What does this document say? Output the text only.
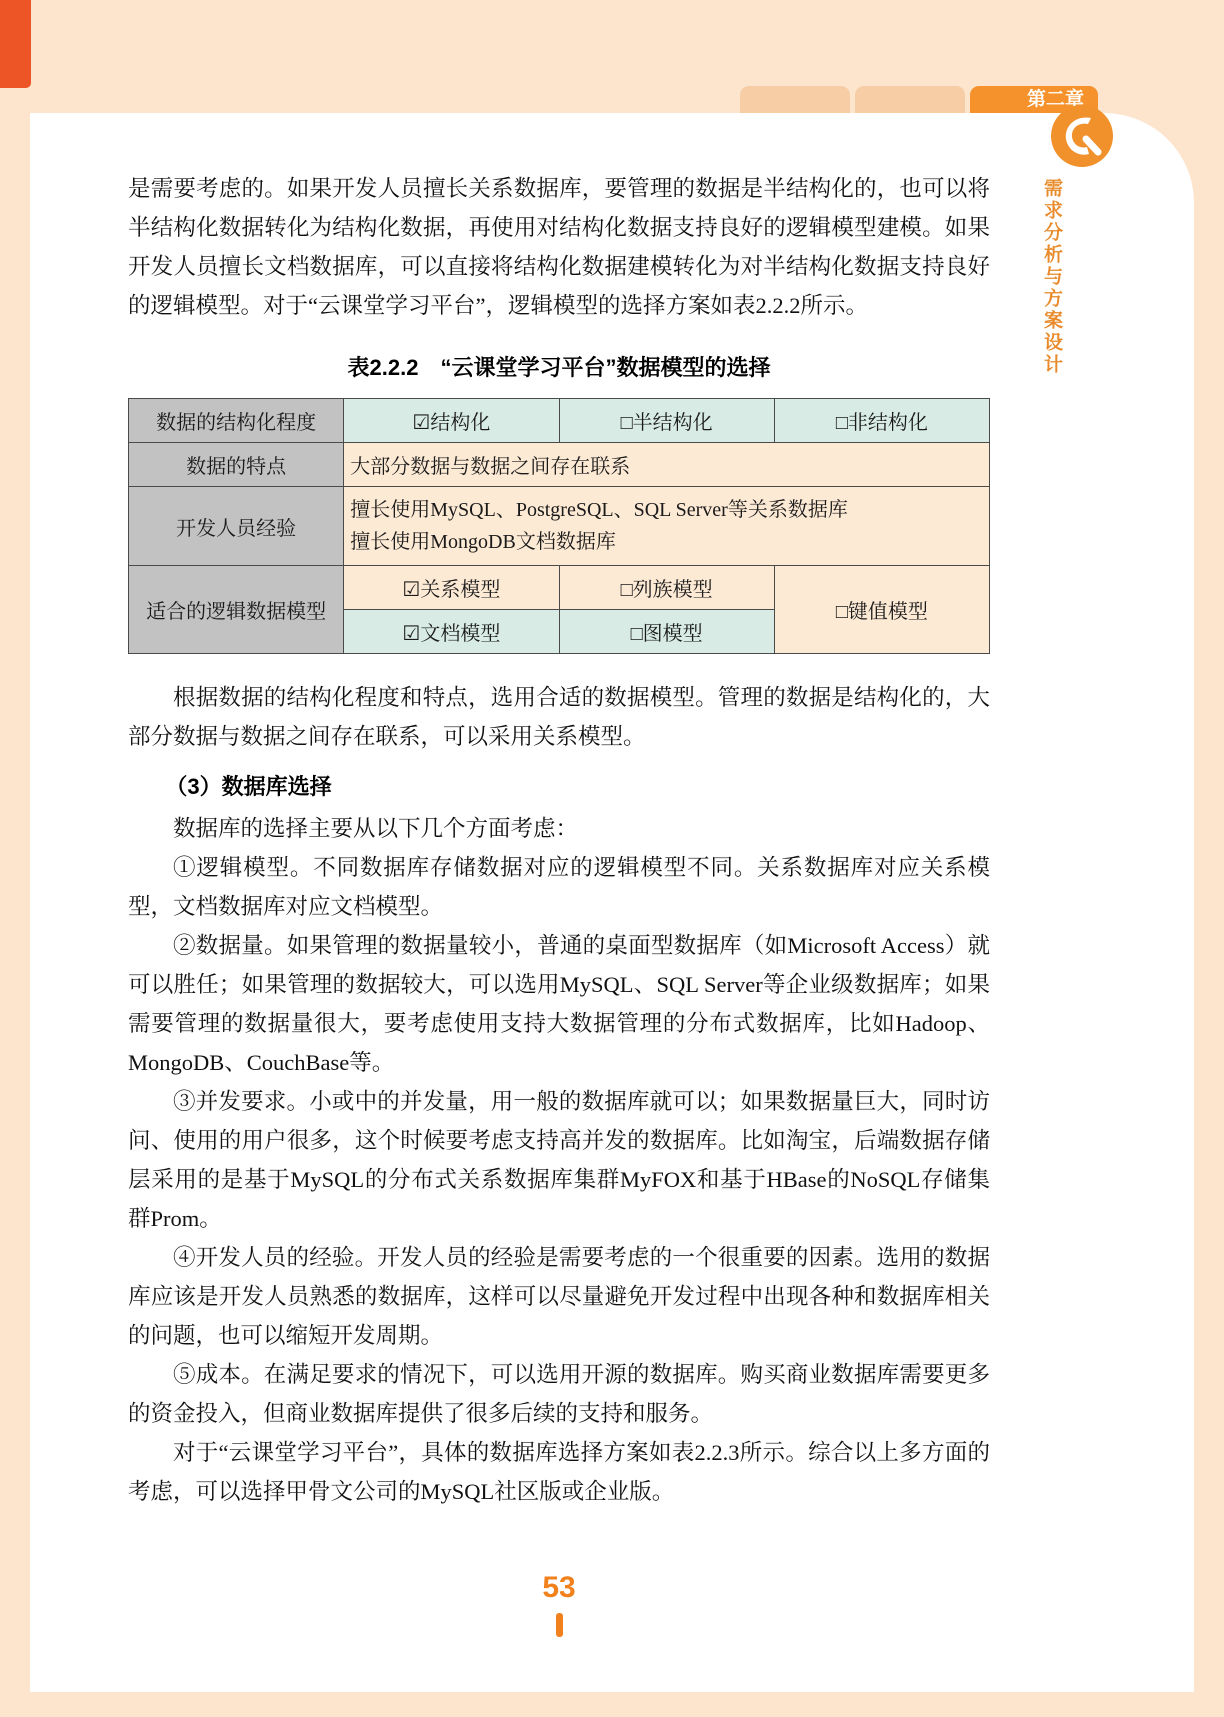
第二章

是需要考虑的。如果开发人员擅长关系数据库，要管理的数据是半结构化的，也可以将半结构化数据转化为结构化数据，再使用对结构化数据支持良好的逻辑模型建模。如果开发人员擅长文档数据库，可以直接将结构化数据建模转化为对半结构化数据支持良好的逻辑模型。对于“云课堂学习平台”，逻辑模型的选择方案如表2.2.2所示。

表2.2.2　“云课堂学习平台”数据模型的选择
数据的结构化程度	☑结构化	□半结构化	□非结构化
数据的特点	大部分数据与数据之间存在联系		
开发人员经验	擅长使用MySQL、PostgreSQL、SQL Server等关系数据库
擅长使用MongoDB文档数据库		

适合的逻辑数据模型	☑关系模型	□列族模型	□键值模型
	☑文档模型	□图模型	

根据数据的结构化程度和特点，选用合适的数据模型。管理的数据是结构化的，大部分数据与数据之间存在联系，可以采用关系模型。

（3）数据库选择

数据库的选择主要从以下几个方面考虑：

①逻辑模型。不同数据库存储数据对应的逻辑模型不同。关系数据库对应关系模型，文档数据库对应文档模型。

②数据量。如果管理的数据量较小，普通的桌面型数据库（如Microsoft Access）就可以胜任；如果管理的数据较大，可以选用MySQL、SQL Server等企业级数据库；如果需要管理的数据量很大，要考虑使用支持大数据管理的分布式数据库，比如Hadoop、MongoDB、CouchBase等。

③并发要求。小或中的并发量，用一般的数据库就可以；如果数据量巨大，同时访问、使用的用户很多，这个时候要考虑支持高并发的数据库。比如淘宝，后端数据存储层采用的是基于MySQL的分布式关系数据库集群MyFOX和基于HBase的NoSQL存储集群Prom。

④开发人员的经验。开发人员的经验是需要考虑的一个很重要的因素。选用的数据库应该是开发人员熟悉的数据库，这样可以尽量避免开发过程中出现各种和数据库相关的问题，也可以缩短开发周期。

⑤成本。在满足要求的情况下，可以选用开源的数据库。购买商业数据库需要更多的资金投入，但商业数据库提供了很多后续的支持和服务。

对于“云课堂学习平台”，具体的数据库选择方案如表2.2.3所示。综合以上多方面的考虑，可以选择甲骨文公司的MySQL社区版或企业版。

53
需求分析与方案设计
